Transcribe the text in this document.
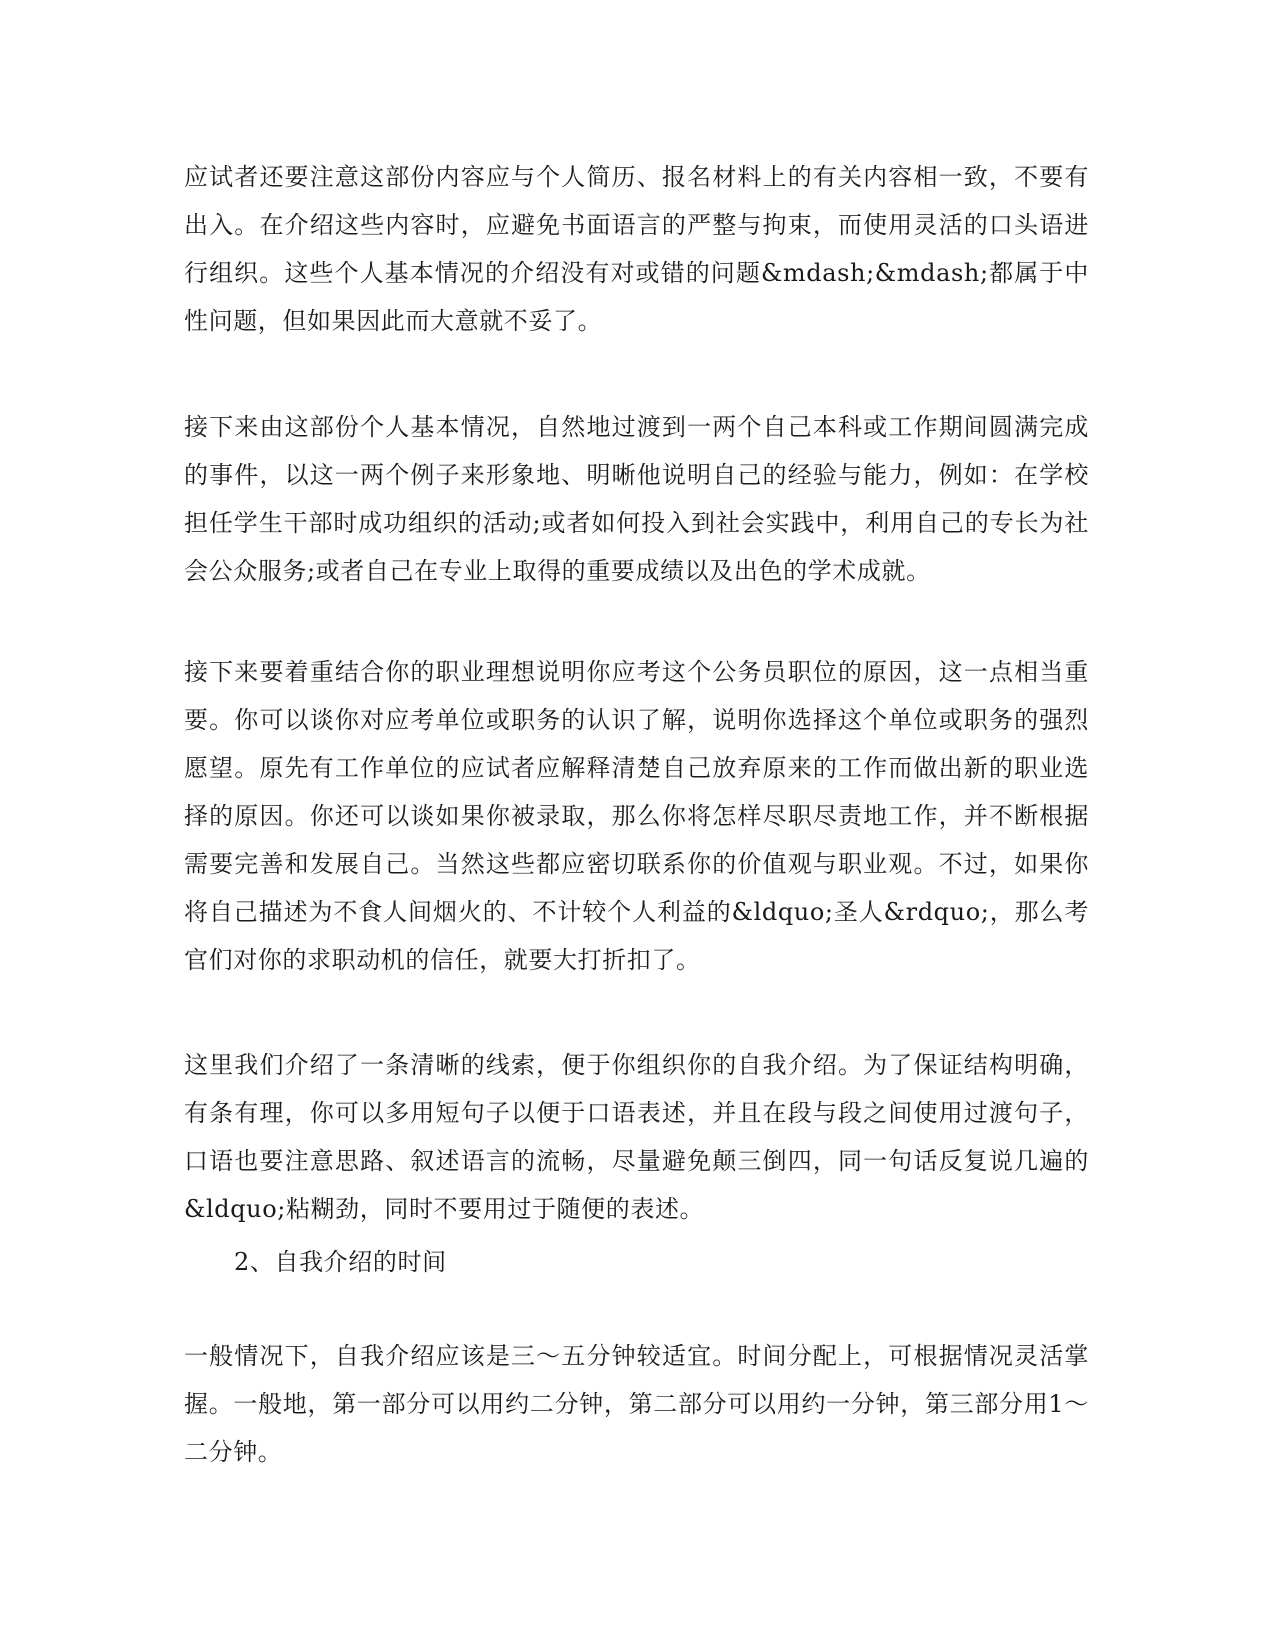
应试者还要注意这部份内容应与个人简历、报名材料上的有关内容相一致，不要有出入。在介绍这些内容时，应避免书面语言的严整与拘束，而使用灵活的口头语进行组织。这些个人基本情况的介绍没有对或错的问题&mdash;&mdash;都属于中性问题，但如果因此而大意就不妥了。

接下来由这部份个人基本情况，自然地过渡到一两个自己本科或工作期间圆满完成的事件，以这一两个例子来形象地、明晰他说明自己的经验与能力，例如：在学校担任学生干部时成功组织的活动;或者如何投入到社会实践中，利用自己的专长为社会公众服务;或者自己在专业上取得的重要成绩以及出色的学术成就。

接下来要着重结合你的职业理想说明你应考这个公务员职位的原因，这一点相当重要。你可以谈你对应考单位或职务的认识了解，说明你选择这个单位或职务的强烈愿望。原先有工作单位的应试者应解释清楚自己放弃原来的工作而做出新的职业选择的原因。你还可以谈如果你被录取，那么你将怎样尽职尽责地工作，并不断根据需要完善和发展自己。当然这些都应密切联系你的价值观与职业观。不过，如果你将自己描述为不食人间烟火的、不计较个人利益的&ldquo;圣人&rdquo;，那么考官们对你的求职动机的信任，就要大打折扣了。

这里我们介绍了一条清晰的线索，便于你组织你的自我介绍。为了保证结构明确，有条有理，你可以多用短句子以便于口语表述，并且在段与段之间使用过渡句子，口语也要注意思路、叙述语言的流畅，尽量避免颠三倒四，同一句话反复说几遍的&ldquo;粘糊劲，同时不要用过于随便的表述。

2、自我介绍的时间

一般情况下，自我介绍应该是三～五分钟较适宜。时间分配上，可根据情况灵活掌握。一般地，第一部分可以用约二分钟，第二部分可以用约一分钟，第三部分用1～二分钟。
